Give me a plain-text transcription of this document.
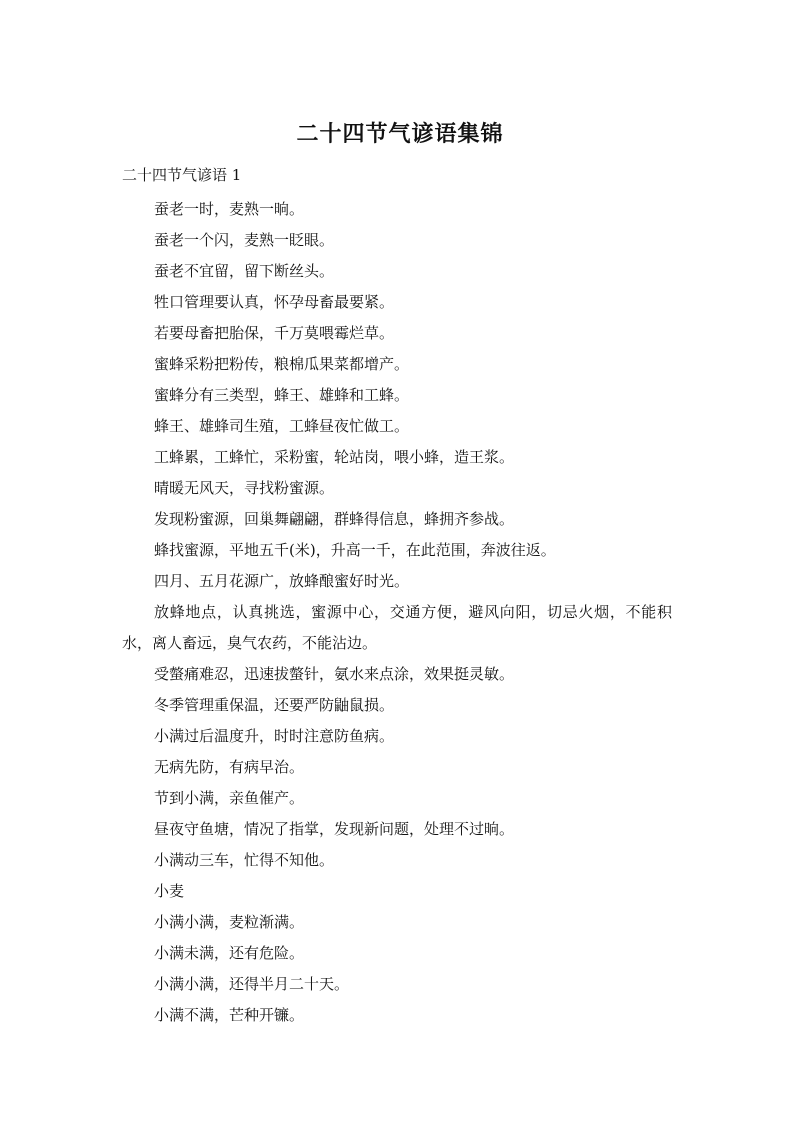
二十四节气谚语集锦
二十四节气谚语 1

蚕老一时，麦熟一晌。

蚕老一个闪，麦熟一眨眼。

蚕老不宜留，留下断丝头。

牲口管理要认真，怀孕母畜最要紧。

若要母畜把胎保，千万莫喂霉烂草。

蜜蜂采粉把粉传，粮棉瓜果菜都增产。

蜜蜂分有三类型，蜂王、雄蜂和工蜂。

蜂王、雄蜂司生殖，工蜂昼夜忙做工。

工蜂累，工蜂忙，采粉蜜，轮站岗，喂小蜂，造王浆。

晴暖无风天，寻找粉蜜源。

发现粉蜜源，回巢舞翩翩，群蜂得信息，蜂拥齐参战。

蜂找蜜源，平地五千(米)，升高一千，在此范围，奔波往返。

四月、五月花源广，放蜂酿蜜好时光。

放蜂地点，认真挑选，蜜源中心，交通方便，避风向阳，切忌火烟，不能积水，离人畜远，臭气农药，不能沾边。

受螫痛难忍，迅速拔螫针，氨水来点涂，效果挺灵敏。

冬季管理重保温，还要严防鼬鼠损。

小满过后温度升，时时注意防鱼病。

无病先防，有病早治。

节到小满，亲鱼催产。

昼夜守鱼塘，情况了指掌，发现新问题，处理不过晌。

小满动三车，忙得不知他。

小麦

小满小满，麦粒渐满。

小满未满，还有危险。

小满小满，还得半月二十天。

小满不满，芒种开镰。
